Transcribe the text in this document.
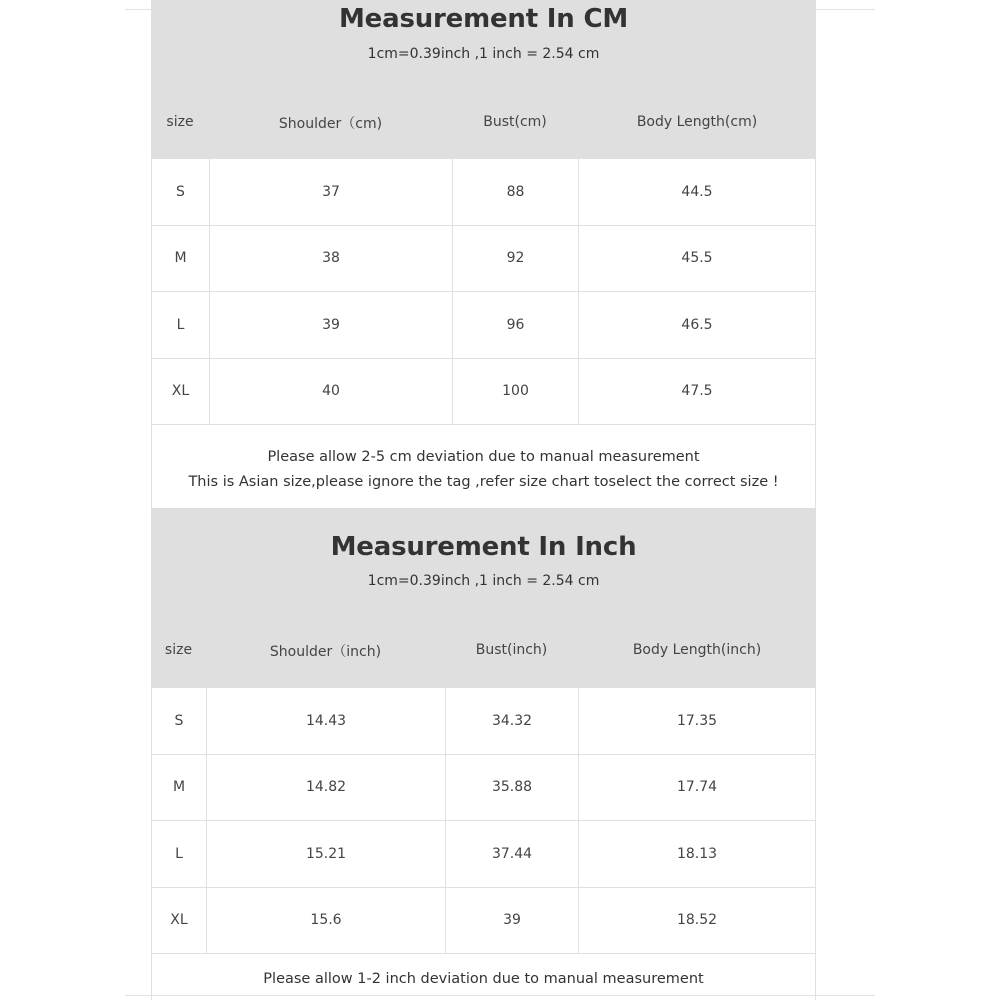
Measurement In CM
1cm=0.39inch ,1 inch = 2.54 cm
size	Shoulder（cm)	Bust(cm)	Body Length(cm)
S	37	88	44.5
M	38	92	45.5
L	39	96	46.5
XL	40	100	47.5
Please allow 2-5 cm deviation due to manual measurement
This is Asian size,please ignore the tag ,refer size chart toselect the correct size !
Measurement In Inch
1cm=0.39inch ,1 inch = 2.54 cm
size	Shoulder（inch)	Bust(inch)	Body Length(inch)
S	14.43	34.32	17.35
M	14.82	35.88	17.74
L	15.21	37.44	18.13
XL	15.6	39	18.52
Please allow 1-2 inch deviation due to manual measurement
